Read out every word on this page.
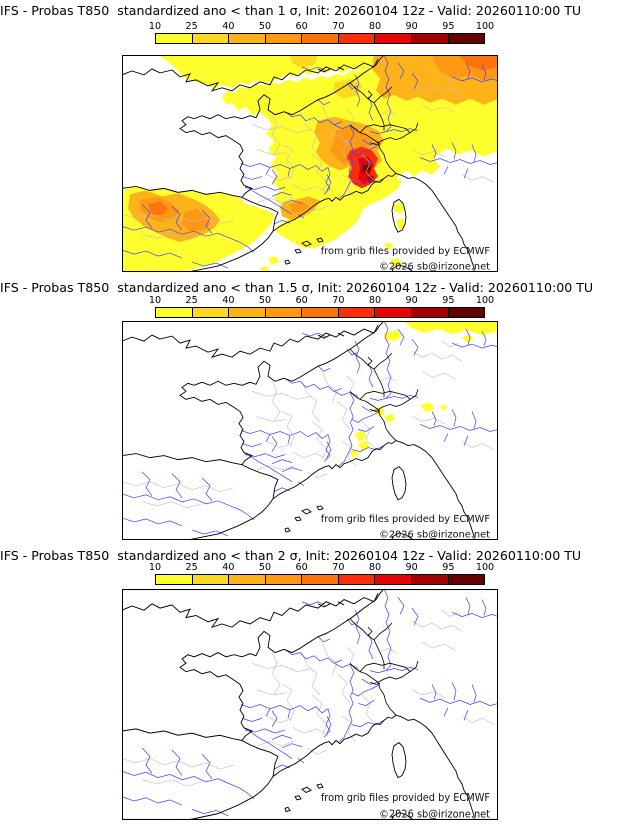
IFS - Probas T850  standardized ano < than 1 σ, Init: 20260104 12z - Valid: 20260110:00 TU
10	25	40	50	60	70	80	90	95 100
from grib files provided by ECMWF
©2026 sb@irizone.net
IFS - Probas T850  standardized ano < than 1.5 σ, Init: 20260104 12z - Valid: 20260110:00 TU
10	25	40	50	60	70	80	90	95 100
from grib files provided by ECMWF
©2026 sb@irizone.net
IFS - Probas T850  standardized ano < than 2 σ, Init: 20260104 12z - Valid: 20260110:00 TU
10	25	40	50	60	70	80	90	95 100
from grib files provided by ECMWF
©2026 sb@irizone.net
